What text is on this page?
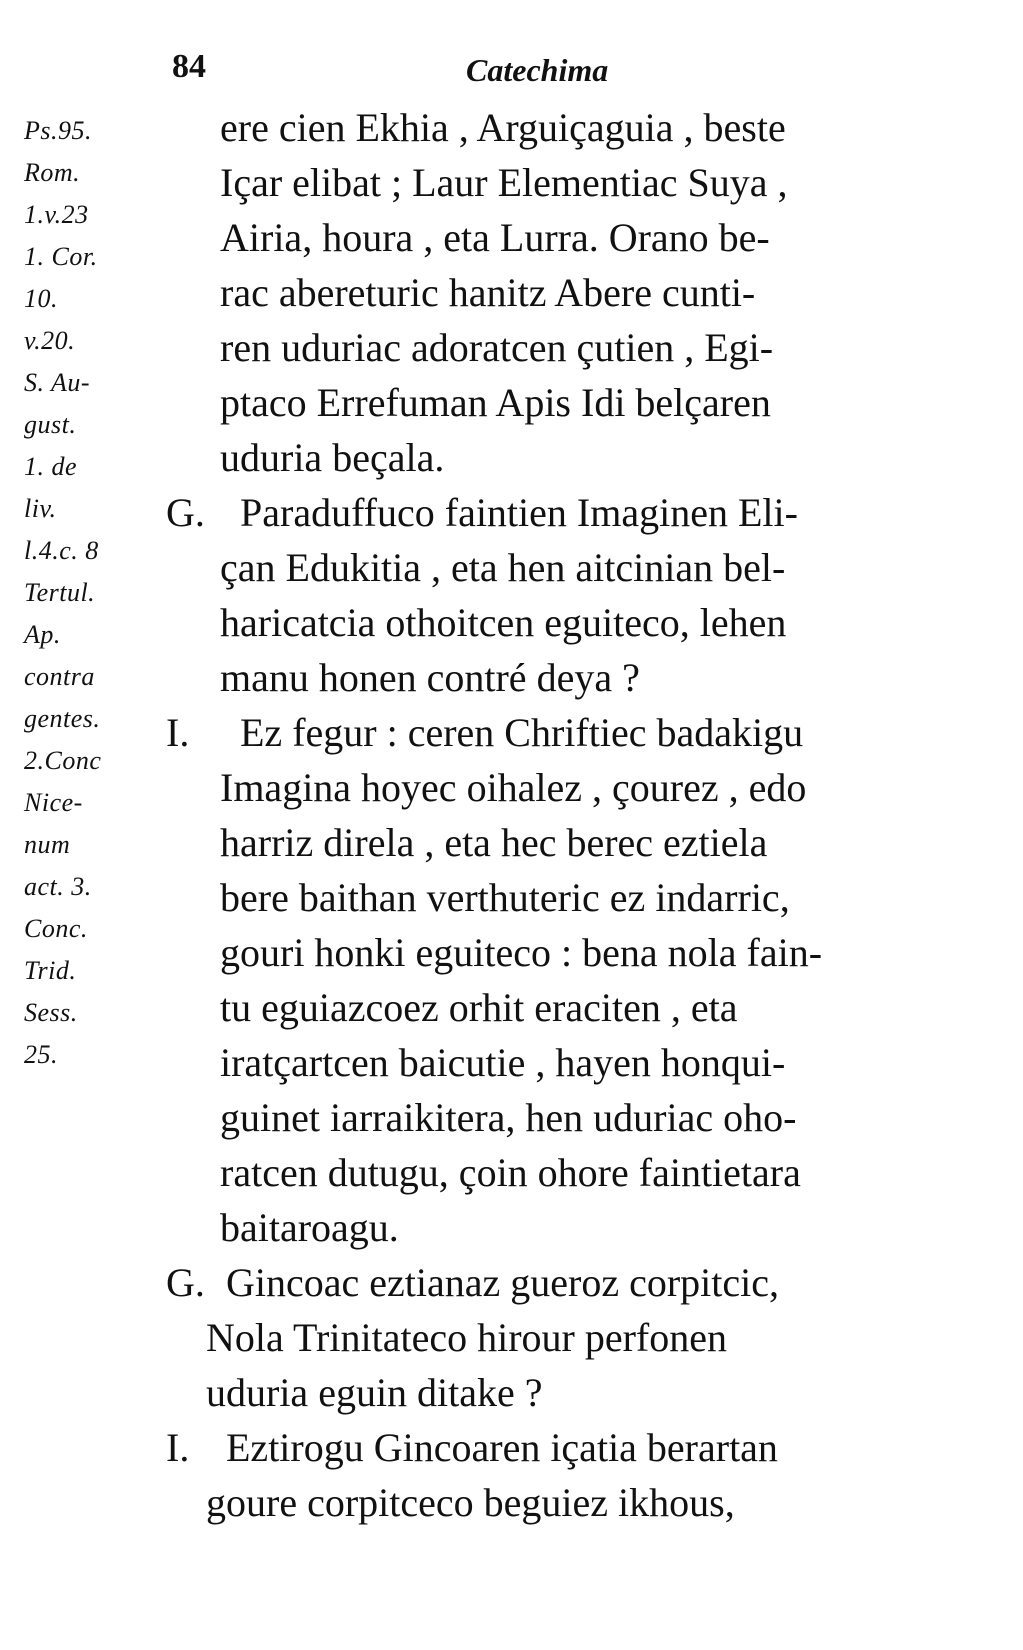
84	Catechima
Ps.95.
Rom.
1.v.23
1. Cor.
10.
v.20.
S. Au-
gust.
1. de
liv.
l.4.c. 8
Tertul.
Ap.
contra
gentes.
2.Conc
Nice-
num
act. 3.
Conc.
Trid.
Sess.
25.
ere cien Ekhia , Arguiçaguia , beste
Içar elibat ; Laur Elementiac Suya ,
Airia, houra , eta Lurra. Orano be-
rac abereturic hanitz Abere cunti-
ren uduriac adoratcen çutien , Egi-
ptaco Errefuman Apis Idi belçaren
uduria beçala.
G. Paraduffuco faintien Imaginen Eli-
çan Edukitia , eta hen aitcinian bel-
haricatcia othoitcen eguiteco, lehen
manu honen contré deya ?
I.	Ez fegur : ceren Chriftiec badakigu
Imagina hoyec oihalez , çourez , edo
harriz direla , eta hec berec eztiela
bere baithan verthuteric ez indarric,
gouri honki eguiteco : bena nola fain-
tu eguiazcoez orhit eraciten , eta
iratçartcen baicutie , hayen honqui-
guinet iarraikitera, hen uduriac oho-
ratcen dutugu, çoin ohore faintietara
baitaroagu.
G. Gincoac eztianaz gueroz corpitcic,
Nola Trinitateco hirour perfonen
uduria eguin ditake ?
I. Eztirogu Gincoaren içatia berartan
goure corpitceco beguiez ikhous,
